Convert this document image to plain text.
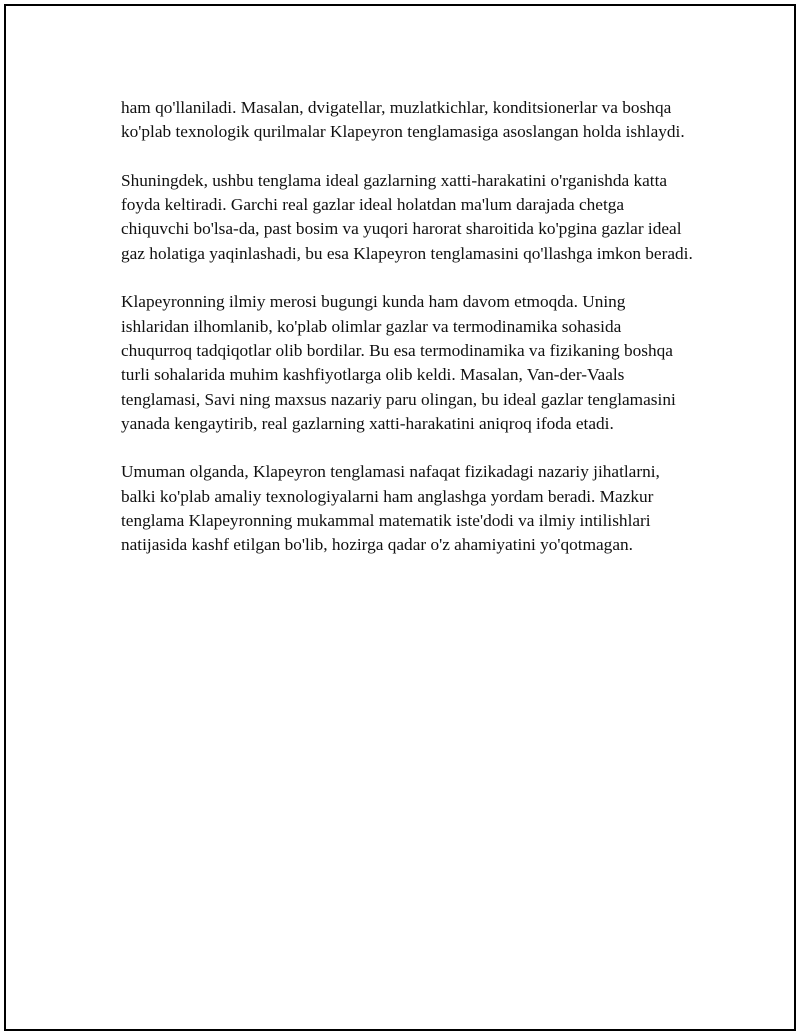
ham qo'llaniladi. Masalan, dvigatellar, muzlatkichlar, konditsionerlar va boshqa ko'plab texnologik qurilmalar Klapeyron tenglamasiga asoslangan holda ishlaydi.

Shuningdek, ushbu tenglama ideal gazlarning xatti-harakatini o'rganishda katta foyda keltiradi. Garchi real gazlar ideal holatdan ma'lum darajada chetga chiquvchi bo'lsa-da, past bosim va yuqori harorat sharoitida ko'pgina gazlar ideal gaz holatiga yaqinlashadi, bu esa Klapeyron tenglamasini qo'llashga imkon beradi.

Klapeyronning ilmiy merosi bugungi kunda ham davom etmoqda. Uning ishlaridan ilhomlanib, ko'plab olimlar gazlar va termodinamika sohasida chuqurroq tadqiqotlar olib bordilar. Bu esa termodinamika va fizikaning boshqa turli sohalarida muhim kashfiyotlarga olib keldi. Masalan, Van-der-Vaals tenglamasi, Savi ning maxsus nazariy paru olingan, bu ideal gazlar tenglamasini yanada kengaytirib, real gazlarning xatti-harakatini aniqroq ifoda etadi.

Umuman olganda, Klapeyron tenglamasi nafaqat fizikadagi nazariy jihatlarni, balki ko'plab amaliy texnologiyalarni ham anglashga yordam beradi. Mazkur tenglama Klapeyronning mukammal matematik iste'dodi va ilmiy intilishlari natijasida kashf etilgan bo'lib, hozirga qadar o'z ahamiyatini yo'qotmagan.
